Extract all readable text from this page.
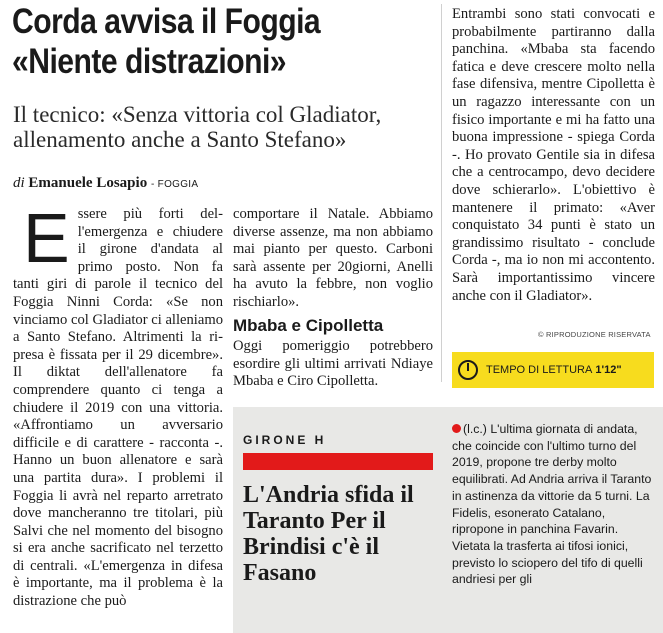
Corda avvisa il Foggia
«Niente distrazioni»
Il tecnico: «Senza vittoria col Gladiator, allenamento anche a Santo Stefano»
di Emanuele Losapio - FOGGIA
E ssere più forti dell'emergenza e chiudere il girone d'andata al primo posto. Non fa tanti giri di parole il tecnico del Foggia Ninni Corda: «Se non vinciamo col Gladiator ci alleniamo a Santo Stefano. Altrimenti la ripresa è fissata per il 29 dicembre». Il diktat dell'allenatore fa comprendere quanto ci tenga a chiudere il 2019 con una vittoria. «Affrontiamo un avversario difficile e di carattere - racconta -. Hanno un buon allenatore e sarà una partita dura». I problemi il Foggia li avrà nel reparto arretrato dove mancheranno tre titolari, più Salvi che nel momento del bisogno si era anche sacrificato nel terzetto di centrali. «L'emergenza in difesa è importante, ma il problema è la distrazione che può
comportare il Natale. Abbiamo diverse assenze, ma non abbiamo mai pianto per questo. Carboni sarà assente per 20giorni, Anelli ha avuto la febbre, non voglio rischiarlo».
Mbaba e Cipolletta
Oggi pomeriggio potrebbero esordire gli ultimi arrivati Ndiaye Mbaba e Ciro Cipolletta.
Entrambi sono stati convocati e probabilmente partiranno dalla panchina. «Mbaba sta facendo fatica e deve crescere molto nella fase difensiva, mentre Cipolletta è un ragazzo interessante con un fisico importante e mi ha fatto una buona impressione - spiega Corda -. Ho provato Gentile sia in difesa che a centrocampo, devo decidere dove schierarlo». L'obiettivo è mantenere il primato: «Aver conquistato 34 punti è stato un grandissimo risultato - conclude Corda -, ma io non mi accontento. Sarà importantissimo vincere anche con il Gladiator».
© RIPRODUZIONE RISERVATA
TEMPO DI LETTURA 1'12"
GIRONE H
L'Andria sfida il Taranto Per il Brindisi c'è il Fasano
(l.c.) L'ultima giornata di andata, che coincide con l'ultimo turno del 2019, propone tre derby molto equilibrati. Ad Andria arriva il Taranto in astinenza da vittorie da 5 turni. La Fidelis, esonerato Catalano, ripropone in panchina Favarin. Vietata la trasferta ai tifosi ionici, previsto lo sciopero del tifo di quelli andriesi per gli
